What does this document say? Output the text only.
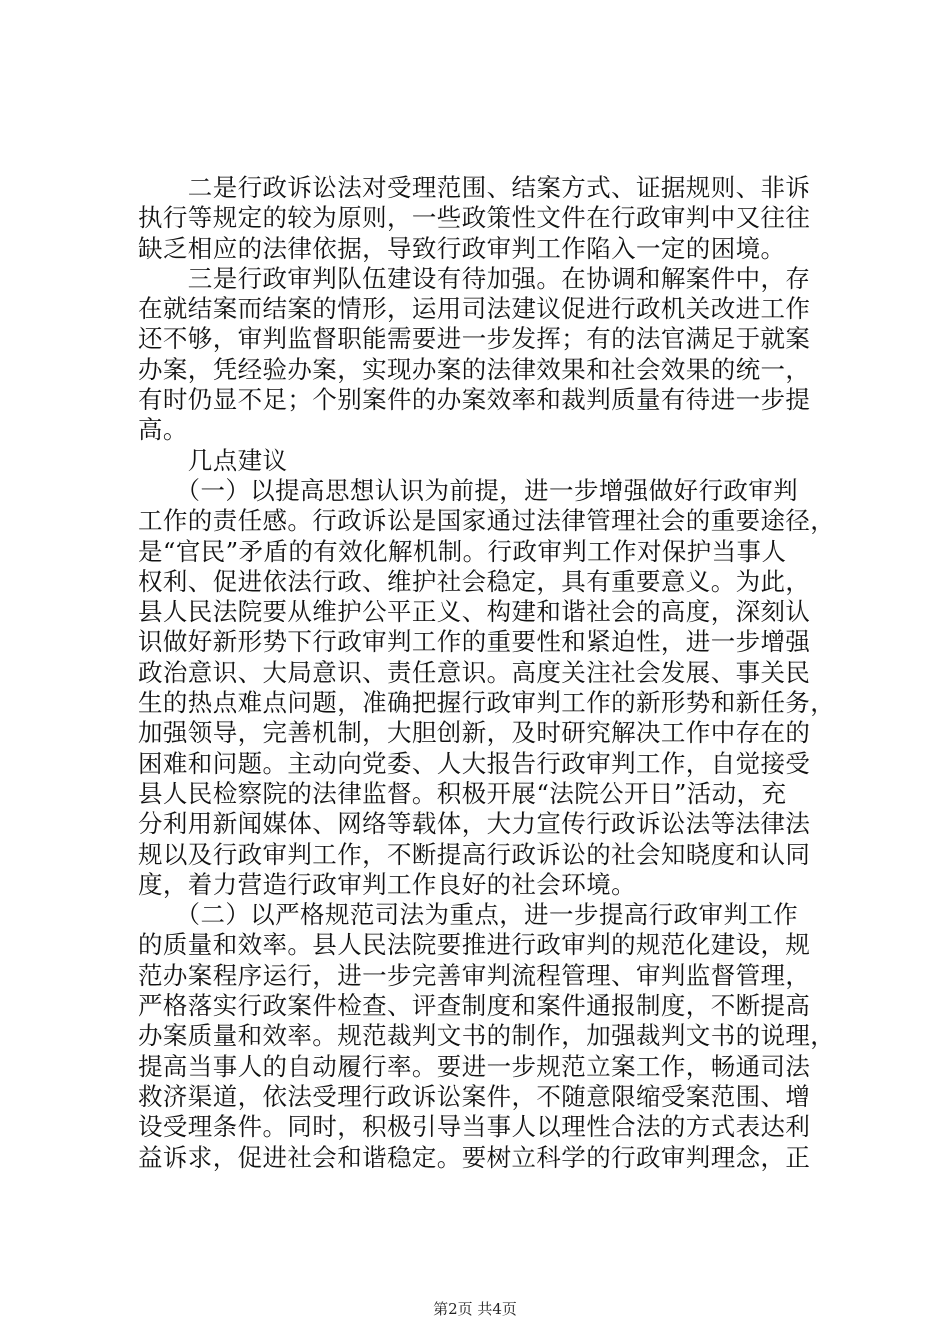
　　二是行政诉讼法对受理范围、结案方式、证据规则、非诉
执行等规定的较为原则，一些政策性文件在行政审判中又往往
缺乏相应的法律依据，导致行政审判工作陷入一定的困境。

　　三是行政审判队伍建设有待加强。在协调和解案件中，存
在就结案而结案的情形，运用司法建议促进行政机关改进工作
还不够，审判监督职能需要进一步发挥；有的法官满足于就案
办案，凭经验办案，实现办案的法律效果和社会效果的统一，
有时仍显不足；个别案件的办案效率和裁判质量有待进一步提
高。

　　几点建议

　　（一）以提高思想认识为前提，进一步增强做好行政审判
工作的责任感。行政诉讼是国家通过法律管理社会的重要途径，
是“官民”矛盾的有效化解机制。行政审判工作对保护当事人
权利、促进依法行政、维护社会稳定，具有重要意义。为此，
县人民法院要从维护公平正义、构建和谐社会的高度，深刻认
识做好新形势下行政审判工作的重要性和紧迫性，进一步增强
政治意识、大局意识、责任意识。高度关注社会发展、事关民
生的热点难点问题，准确把握行政审判工作的新形势和新任务，
加强领导，完善机制，大胆创新，及时研究解决工作中存在的
困难和问题。主动向党委、人大报告行政审判工作，自觉接受
县人民检察院的法律监督。积极开展“法院公开日”活动，充
分利用新闻媒体、网络等载体，大力宣传行政诉讼法等法律法
规以及行政审判工作，不断提高行政诉讼的社会知晓度和认同
度，着力营造行政审判工作良好的社会环境。

　　（二）以严格规范司法为重点，进一步提高行政审判工作
的质量和效率。县人民法院要推进行政审判的规范化建设，规
范办案程序运行，进一步完善审判流程管理、审判监督管理，
严格落实行政案件检查、评查制度和案件通报制度，不断提高
办案质量和效率。规范裁判文书的制作，加强裁判文书的说理，
提高当事人的自动履行率。要进一步规范立案工作，畅通司法
救济渠道，依法受理行政诉讼案件，不随意限缩受案范围、增
设受理条件。同时，积极引导当事人以理性合法的方式表达利
益诉求，促进社会和谐稳定。要树立科学的行政审判理念，正

第2页 共4页
